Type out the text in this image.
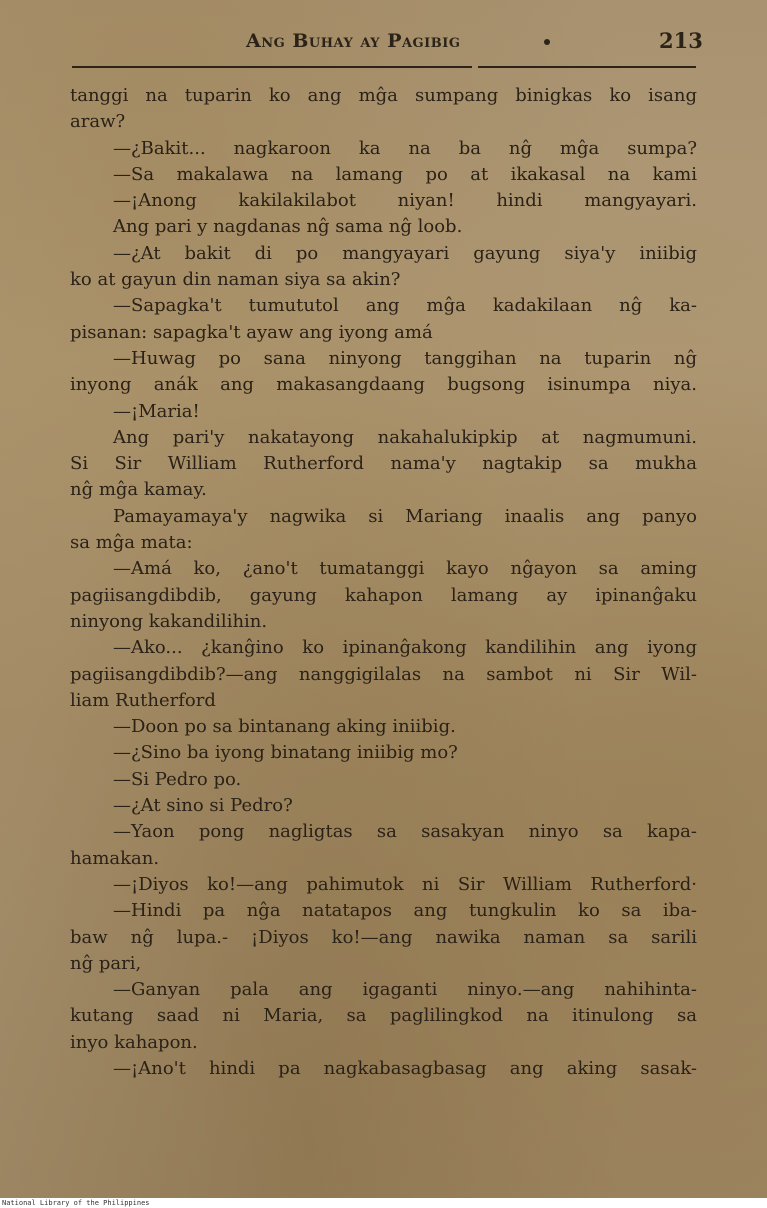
Ang Buhay ay Pagibig	213
tanggi na tuparin ko ang mĝa sumpang binigkas ko isang
araw?
—¿Bakit... nagkaroon ka na ba nĝ mĝa sumpa?
—Sa makalawa na lamang po at ikakasal na kami
—¡Anong kakilakilabot niyan! hindi mangyayari.
Ang pari y nagdanas nĝ sama nĝ loob.
—¿At bakit di po mangyayari gayung siya'y iniibig
ko at gayun din naman siya sa akin?
—Sapagka't tumututol ang mĝa kadakilaan nĝ ka-
pisanan: sapagka't ayaw ang iyong amá
—Huwag po sana ninyong tanggihan na tuparin nĝ
inyong anák ang makasangdaang bugsong isinumpa niya.
—¡Maria!
Ang pari'y nakatayong nakahalukipkip at nagmumuni.
Si Sir William Rutherford nama'y nagtakip sa mukha
nĝ mĝa kamay.
Pamayamaya'y nagwika si Mariang inaalis ang panyo
sa mĝa mata:
—Amá ko, ¿ano't tumatanggi kayo nĝayon sa aming
pagiisangdibdib, gayung kahapon lamang ay ipinanĝaku
ninyong kakandilihin.
—Ako... ¿kanĝino ko ipinanĝakong kandilihin ang iyong
pagiisangdibdib?—ang nanggigilalas na sambot ni Sir Wil-
liam Rutherford
—Doon po sa bintanang aking iniibig.
—¿Sino ba iyong binatang iniibig mo?
—Si Pedro po.
—¿At sino si Pedro?
—Yaon pong nagligtas sa sasakyan ninyo sa kapa-
hamakan.
—¡Diyos ko!—ang pahimutok ni Sir William Rutherford·
—Hindi pa nĝa natatapos ang tungkulin ko sa iba-
baw nĝ lupa.- ¡Diyos ko!—ang nawika naman sa sarili
nĝ pari,
—Ganyan pala ang igaganti ninyo.—ang nahihinta-
kutang saad ni Maria, sa paglilingkod na itinulong sa
inyo kahapon.
—¡Ano't hindi pa nagkabasagbasag ang aking sasak-
National Library of the Philippines
